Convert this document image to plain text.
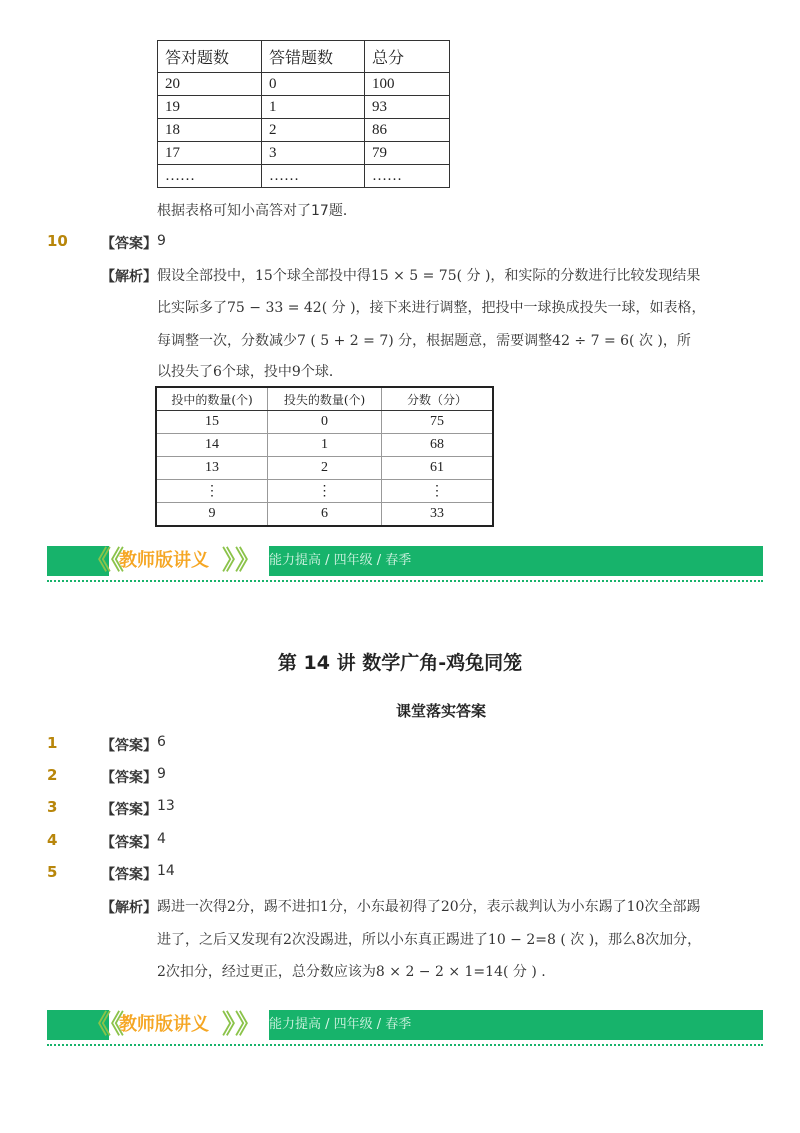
答对题数	答错题数	总分
20	0	100
19	1	93
18	2	86
17	3	79
……	……	……
根据表格可知小高答对了17题．
10 【答案】 9
【解析】 假设全部投中，15个球全部投中得15 × 5 = 75( 分 )，和实际的分数进行比较发现结果
比实际多了75 − 33 = 42( 分 )，接下来进行调整，把投中一球换成投失一球，如表格，
每调整一次，分数减少7 ( 5 + 2 = 7) 分，根据题意，需要调整42 ÷ 7 = 6( 次 )，所
以投失了6个球，投中9个球．
投中的数量(个)	投失的数量(个)	分数（分）
15	0	75
14	1	68
13	2	61
⋮	⋮	⋮
9	6	33
《《
教师版讲义 》》 能力提高 / 四年级 / 春季
第 14 讲 数学广角-鸡兔同笼
课堂落实答案
1	【答案】 6
2	【答案】 9
3	【答案】 13
4	【答案】 4
5	【答案】 14
【解析】 踢进一次得2分，踢不进扣1分，小东最初得了20分，表示裁判认为小东踢了10次全部踢
进了，之后又发现有2次没踢进，所以小东真正踢进了10 − 2=8 ( 次 )，那么8次加分，
2次扣分，经过更正，总分数应该为8 × 2 − 2 × 1=14( 分 ) .
《《
教师版讲义 》》 能力提高 / 四年级 / 春季
